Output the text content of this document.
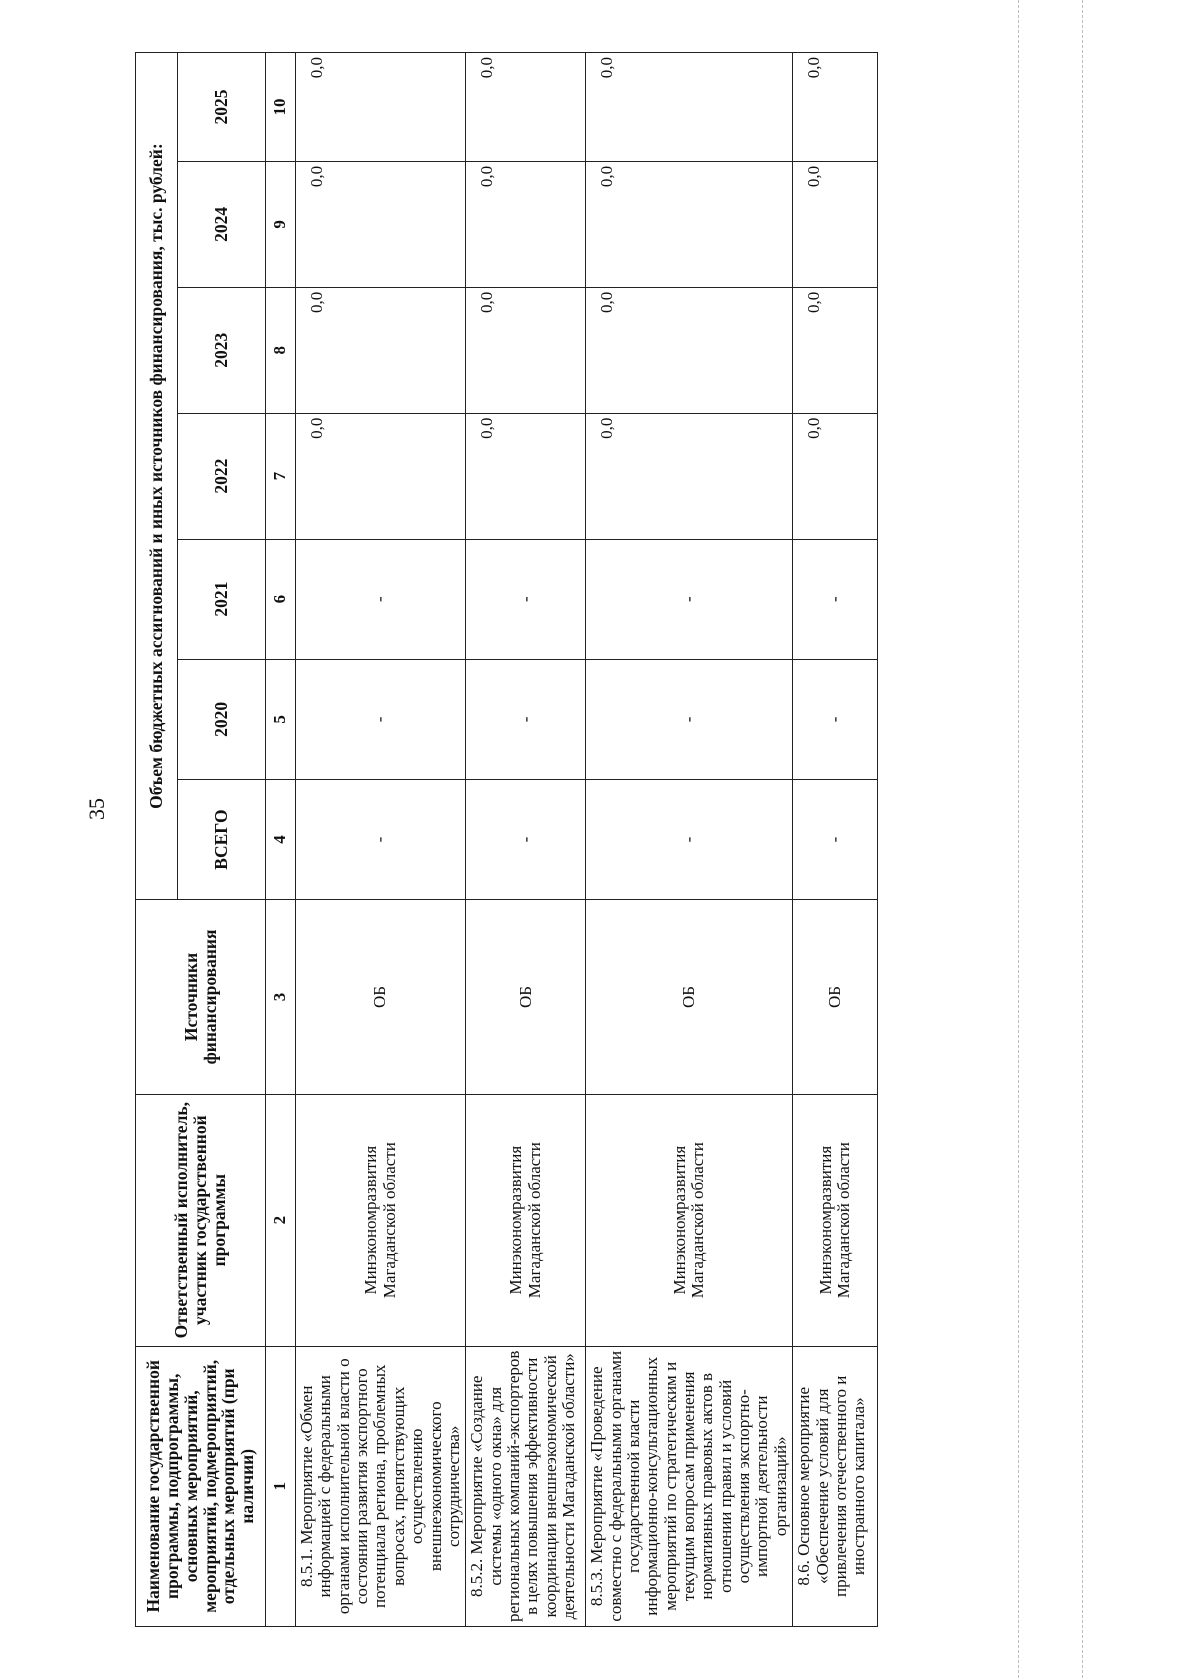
35
Наименование государственной программы, подпрограммы, основных мероприятий, мероприятий, подмероприятий, отдельных мероприятий (при наличии)	Ответственный исполнитель, участник государственной программы	Источники финансирования	Объем бюджетных ассигнований и иных источников финансирования, тыс. рублей:						
			ВСЕГО	2020	2021	2022	2023	2024	2025
1	2	3	4	5	6	7	8	9	10
8.5.1. Мероприятие «Обмен информацией с федеральными органами исполнительной власти о состоянии развития экспортного потенциала региона, проблемных вопросах, препятствующих осуществлению внешнеэкономического сотрудничества»	Минэкономразвития Магаданской области	ОБ	-	-	-	0,0	0,0	0,0	0,0
8.5.2. Мероприятие «Создание системы «одного окна» для региональных компаний-экспортеров в целях повышения эффективности координации внешнеэкономической деятельности Магаданской области»	Минэкономразвития Магаданской области	ОБ	-	-	-	0,0	0,0	0,0	0,0
8.5.3. Мероприятие «Проведение совместно с федеральными органами государственной власти информационно-консультационных мероприятий по стратегическим и текущим вопросам применения нормативных правовых актов в отношении правил и условий осуществления экспортно-импортной деятельности организаций»	Минэкономразвития Магаданской области	ОБ	-	-	-	0,0	0,0	0,0	0,0
8.6. Основное мероприятие «Обеспечение условий для привлечения отечественного и иностранного капитала»	Минэкономразвития Магаданской области	ОБ	-	-	-	0,0	0,0	0,0	0,0
